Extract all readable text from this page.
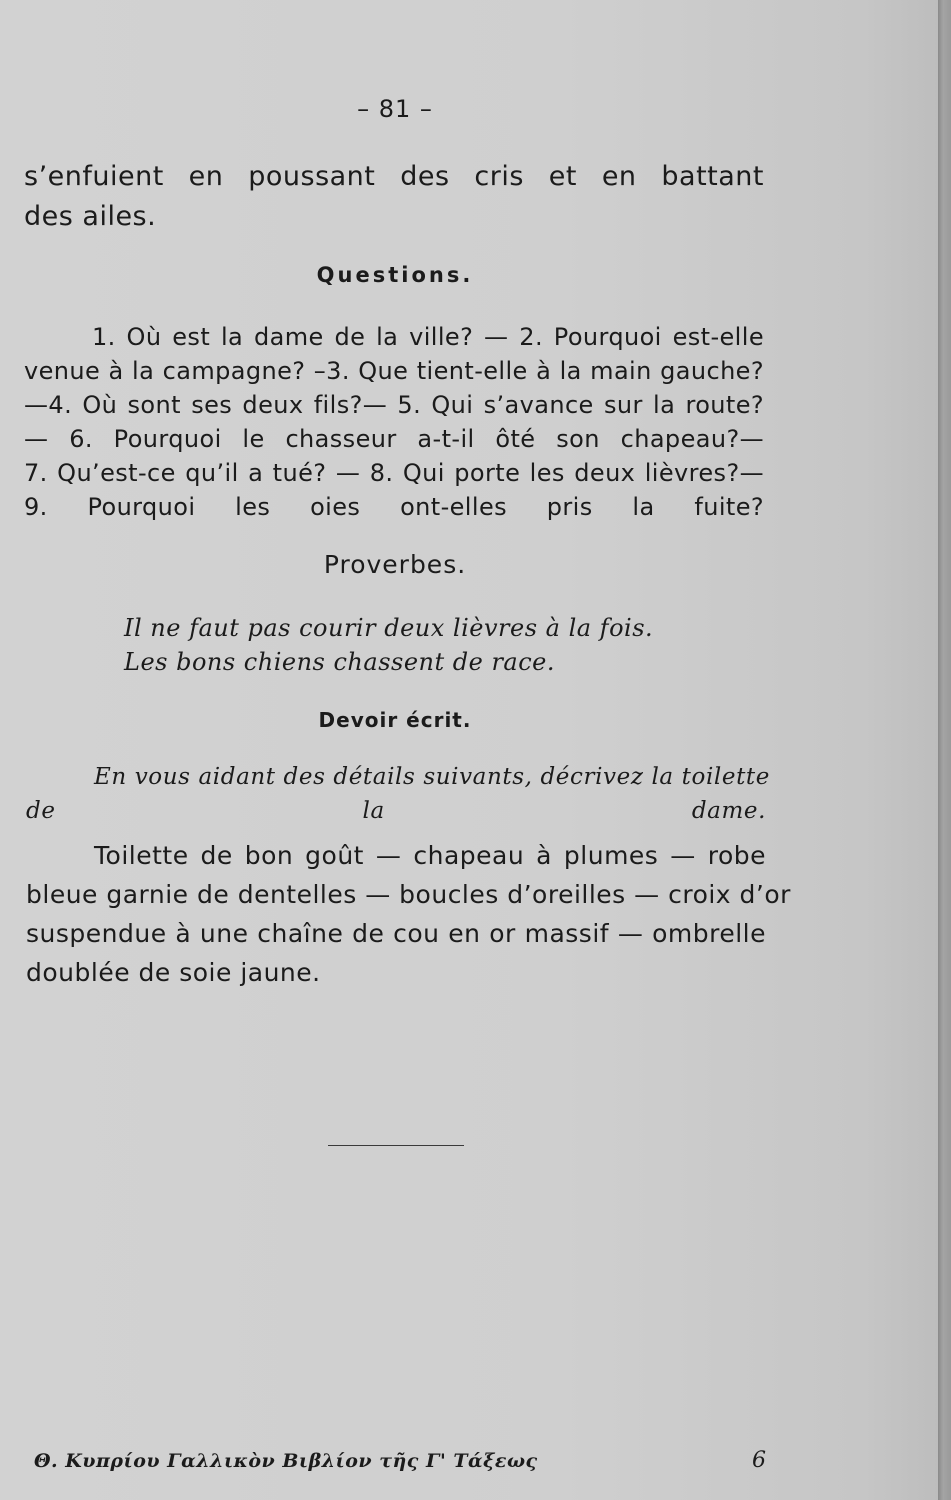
– 81 –
s’enfuient en poussant des cris et en battant
des ailes.
Questions.
1. Où est la dame de la ville? — 2. Pourquoi est-elle
venue à la campagne? –3. Que tient-elle à la main gauche?
—4. Où sont ses deux fils?— 5. Qui s’avance sur la route?
— 6. Pourquoi le chasseur a-t-il ôté son chapeau?—
7. Qu’est-ce qu’il a tué? — 8. Qui porte les deux lièvres?—
9. Pourquoi les oies ont-elles pris la fuite?
Proverbes.
Il ne faut pas courir deux lièvres à la fois.
Les bons chiens chassent de race.
Devoir écrit.
En vous aidant des détails suivants, décrivez la toilette
de la dame.
Toilette de bon goût — chapeau à plumes — robe
bleue garnie de dentelles — boucles d’oreilles — croix d’or
suspendue à une chaîne de cou en or massif — ombrelle
doublée de soie jaune.
Θ. Κυπρίου Γαλλικὸν Βιβλίον τῆς Γ' Τάξεως	6
